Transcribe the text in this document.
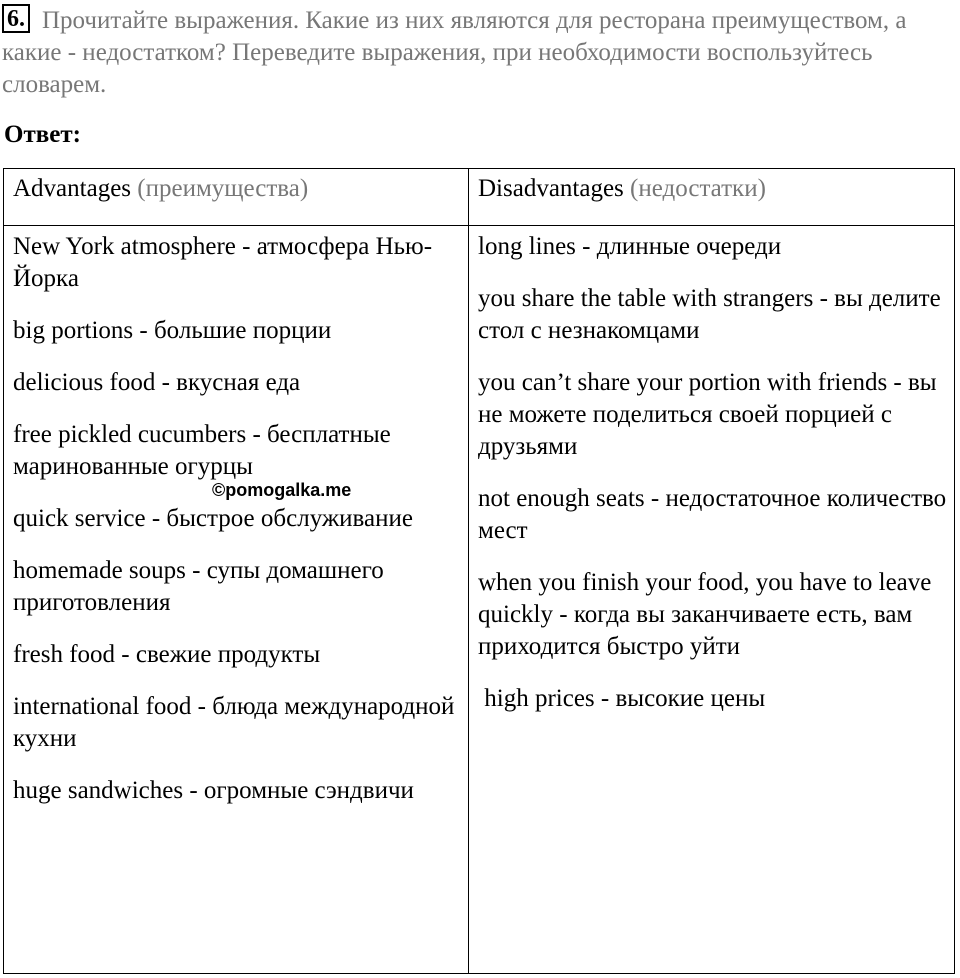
6. Прочитайте выражения. Какие из них являются для ресторана преимуществом, а какие - недостатком? Переведите выражения, при необходимости воспользуйтесь словарем.
Ответ:
Advantages (преимущества)	Disadvantages (недостатки)
New York atmosphere - атмосфера Нью-Йорка
big portions - большие порции
delicious food - вкусная еда
free pickled cucumbers - бесплатные маринованные огурцы
quick service - быстрое обслуживание
homemade soups - супы домашнего приготовления
fresh food - свежие продукты
international food - блюда международной кухни
huge sandwiches - огромные сэндвичи
long lines - длинные очереди
you share the table with strangers - вы делите стол с незнакомцами
you can’t share your portion with friends - вы не можете поделиться своей порцией с друзьями
not enough seats - недостаточное количество мест
when you finish your food, you have to leave quickly - когда вы заканчиваете есть, вам приходится быстро уйти
high prices - высокие цены
©pomogalka.me
